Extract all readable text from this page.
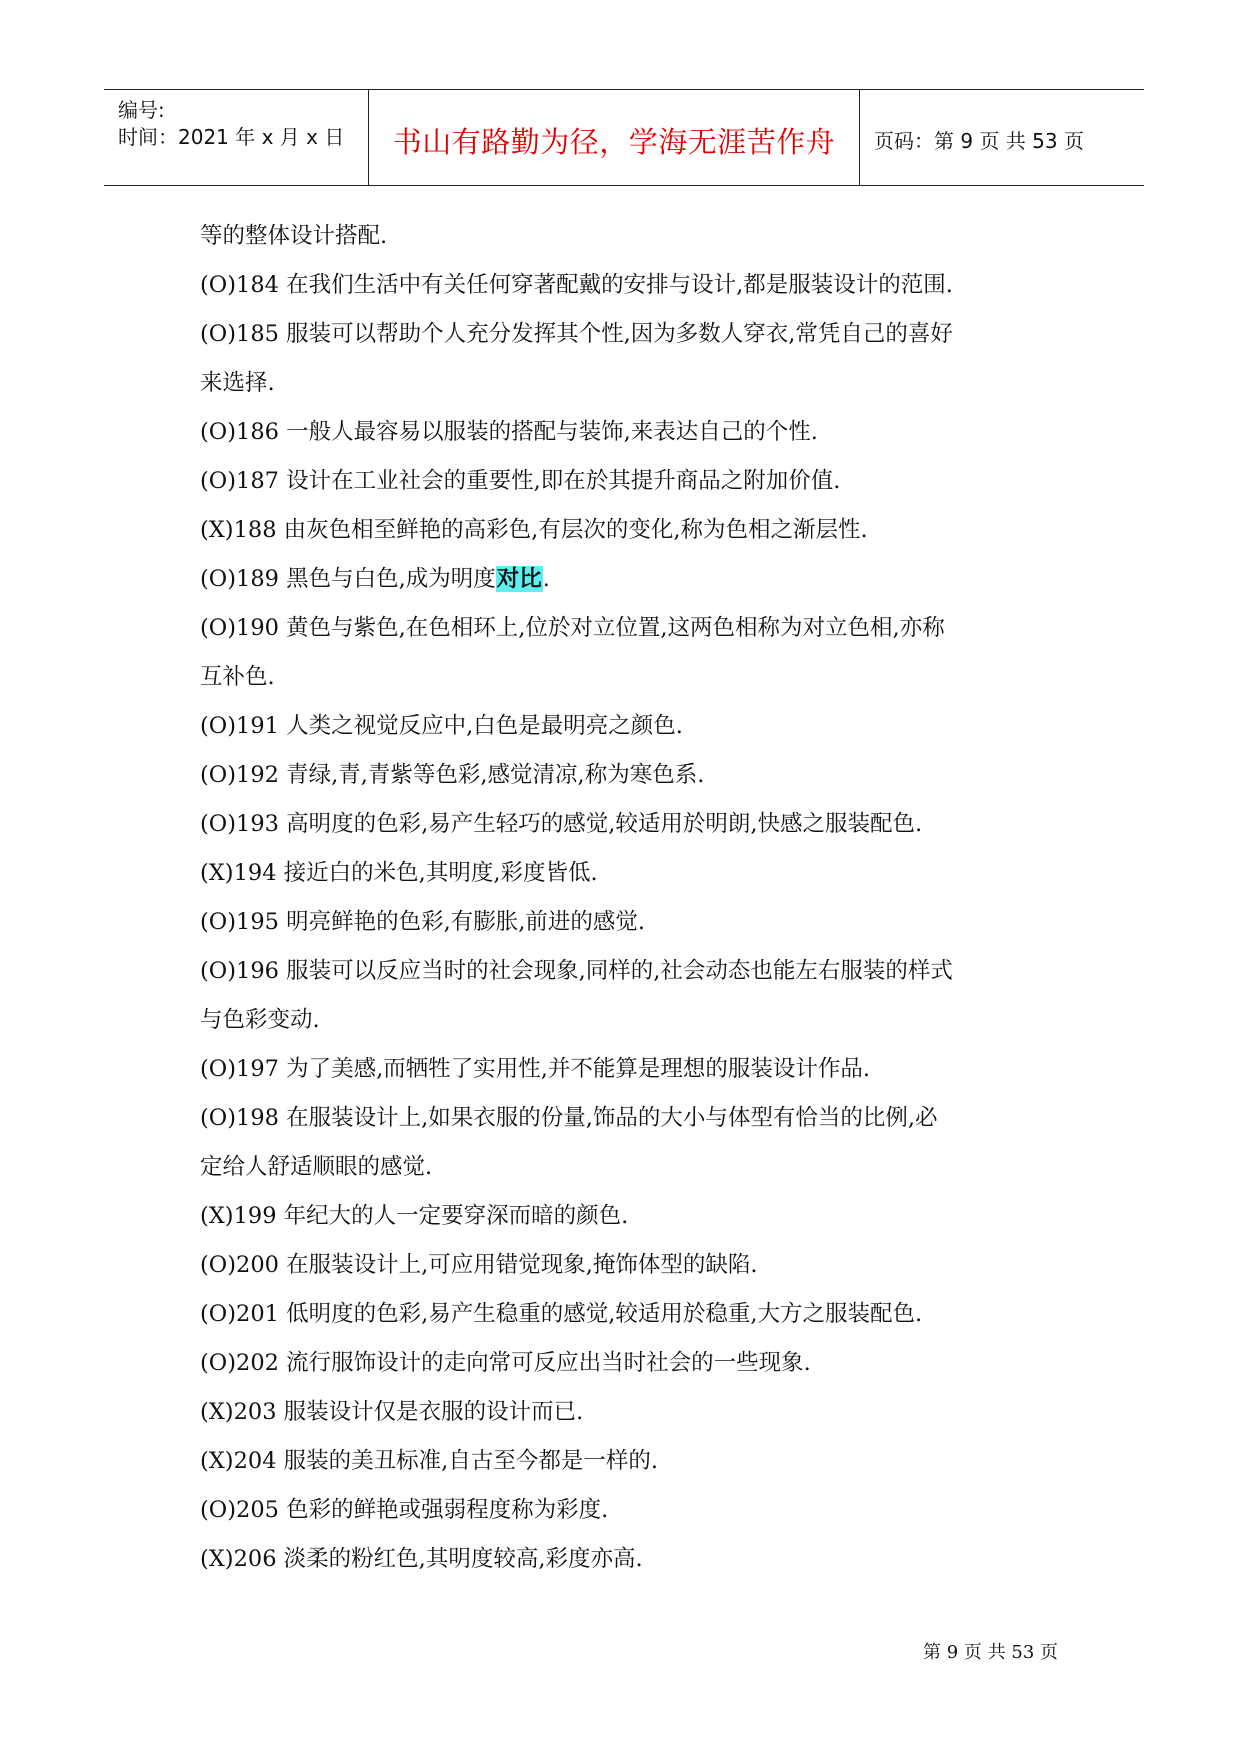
编号:
时间：2021 年 x 月 x 日	书山有路勤为径，学海无涯苦作舟	页码：第 9 页 共 53 页
等的整体设计搭配.
(O)184 在我们生活中有关任何穿著配戴的安排与设计,都是服装设计的范围.
(O)185 服装可以帮助个人充分发挥其个性,因为多数人穿衣,常凭自己的喜好
来选择.
(O)186 一般人最容易以服装的搭配与装饰,来表达自己的个性.
(O)187 设计在工业社会的重要性,即在於其提升商品之附加价值.
(X)188 由灰色相至鲜艳的高彩色,有层次的变化,称为色相之渐层性.
(O)189 黑色与白色,成为明度对比.
(O)190 黄色与紫色,在色相环上,位於对立位置,这两色相称为对立色相,亦称
互补色.
(O)191 人类之视觉反应中,白色是最明亮之颜色.
(O)192 青绿,青,青紫等色彩,感觉清凉,称为寒色系.
(O)193 高明度的色彩,易产生轻巧的感觉,较适用於明朗,快感之服装配色.
(X)194 接近白的米色,其明度,彩度皆低.
(O)195 明亮鲜艳的色彩,有膨胀,前进的感觉.
(O)196 服装可以反应当时的社会现象,同样的,社会动态也能左右服装的样式
与色彩变动.
(O)197 为了美感,而牺牲了实用性,并不能算是理想的服装设计作品.
(O)198 在服装设计上,如果衣服的份量,饰品的大小与体型有恰当的比例,必
定给人舒适顺眼的感觉.
(X)199 年纪大的人一定要穿深而暗的颜色.
(O)200 在服装设计上,可应用错觉现象,掩饰体型的缺陷.
(O)201 低明度的色彩,易产生稳重的感觉,较适用於稳重,大方之服装配色.
(O)202 流行服饰设计的走向常可反应出当时社会的一些现象.
(X)203 服装设计仅是衣服的设计而已.
(X)204 服装的美丑标准,自古至今都是一样的.
(O)205 色彩的鲜艳或强弱程度称为彩度.
(X)206 淡柔的粉红色,其明度较高,彩度亦高.
第 9 页 共 53 页
